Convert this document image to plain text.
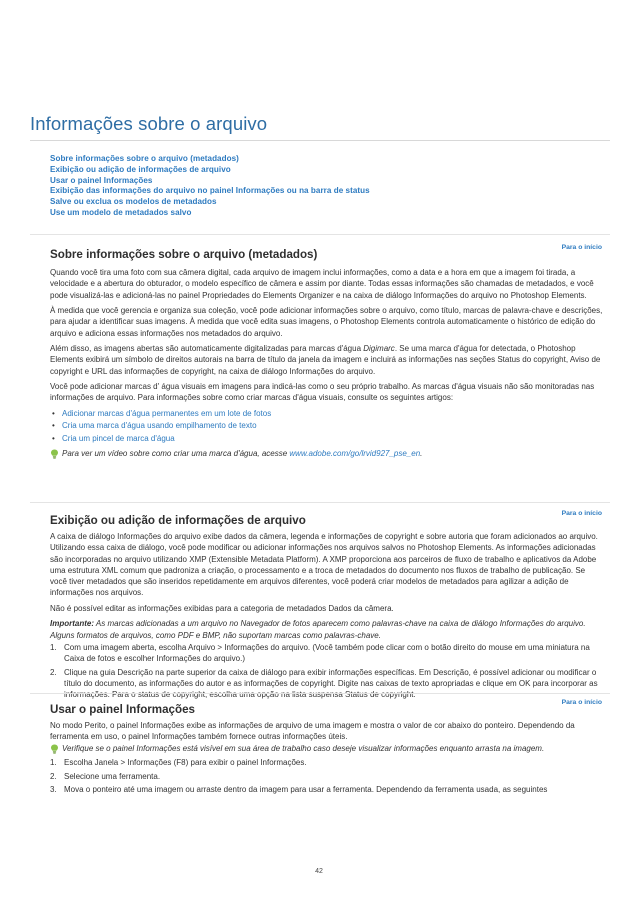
Informações sobre o arquivo
Sobre informações sobre o arquivo (metadados)
Exibição ou adição de informações de arquivo
Usar o painel Informações
Exibição das informações do arquivo no painel Informações ou na barra de status
Salve ou exclua os modelos de metadados
Use um modelo de metadados salvo
Sobre informações sobre o arquivo (metadados)
Para o início

Quando você tira uma foto com sua câmera digital, cada arquivo de imagem inclui informações, como a data e a hora em que a imagem foi tirada, a velocidade e a abertura do obturador, o modelo específico de câmera e assim por diante. Todas essas informações são chamadas de metadados, e você pode visualizá-las e adicioná-las no painel Propriedades do Elements Organizer e na caixa de diálogo Informações do arquivo no Photoshop Elements.

À medida que você gerencia e organiza sua coleção, você pode adicionar informações sobre o arquivo, como título, marcas de palavra-chave e descrições, para ajudar a identificar suas imagens. À medida que você edita suas imagens, o Photoshop Elements controla automaticamente o histórico de edição do arquivo e adiciona essas informações nos metadados do arquivo.

Além disso, as imagens abertas são automaticamente digitalizadas para marcas d'água Digimarc. Se uma marca d'água for detectada, o Photoshop Elements exibirá um símbolo de direitos autorais na barra de título da janela da imagem e incluirá as informações nas seções Status do copyright, Aviso de copyright e URL das informações de copyright, na caixa de diálogo Informações do arquivo.

Você pode adicionar marcas d' água visuais em imagens para indicá-las como o seu próprio trabalho. As marcas d'água visuais não são monitoradas nas informações de arquivo. Para informações sobre como criar marcas d'água visuais, consulte os seguintes artigos:

• Adicionar marcas d'água permanentes em um lote de fotos
• Cria uma marca d'água usando empilhamento de texto
• Cria um pincel de marca d'água
Para ver um vídeo sobre como criar uma marca d'água, acesse www.adobe.com/go/lrvid927_pse_en.
Exibição ou adição de informações de arquivo
Para o início

A caixa de diálogo Informações do arquivo exibe dados da câmera, legenda e informações de copyright e sobre autoria que foram adicionados ao arquivo. Utilizando essa caixa de diálogo, você pode modificar ou adicionar informações nos arquivos salvos no Photoshop Elements. As informações adicionadas são incorporadas no arquivo utilizando XMP (Extensible Metadata Platform). A XMP proporciona aos parceiros de fluxo de trabalho e aplicativos da Adobe uma estrutura XML comum que padroniza a criação, o processamento e a troca de metadados do documento nos fluxos de trabalho de publicação. Se você tiver metadados que são inseridos repetidamente em arquivos diferentes, você poderá criar modelos de metadados para agilizar a adição de informações nos arquivos.

Não é possível editar as informações exibidas para a categoria de metadados Dados da câmera.

Importante: As marcas adicionadas a um arquivo no Navegador de fotos aparecem como palavras-chave na caixa de diálogo Informações do arquivo. Alguns formatos de arquivos, como PDF e BMP, não suportam marcas como palavras-chave.

1. Com uma imagem aberta, escolha Arquivo > Informações do arquivo. (Você também pode clicar com o botão direito do mouse em uma miniatura na Caixa de fotos e escolher Informações do arquivo.)
2. Clique na guia Descrição na parte superior da caixa de diálogo para exibir informações específicas. Em Descrição, é possível adicionar ou modificar o título do documento, as informações do autor e as informações de copyright. Digite nas caixas de texto apropriadas e clique em OK para incorporar as informações. Para o status de copyright, escolha uma opção na lista suspensa Status de copyright.
Usar o painel Informações
Para o início

No modo Perito, o painel Informações exibe as informações de arquivo de uma imagem e mostra o valor de cor abaixo do ponteiro. Dependendo da ferramenta em uso, o painel Informações também fornece outras informações úteis.

Verifique se o painel Informações está visível em sua área de trabalho caso deseje visualizar informações enquanto arrasta na imagem.
1. Escolha Janela > Informações (F8) para exibir o painel Informações.
2. Selecione uma ferramenta.
3. Mova o ponteiro até uma imagem ou arraste dentro da imagem para usar a ferramenta. Dependendo da ferramenta usada, as seguintes
42
